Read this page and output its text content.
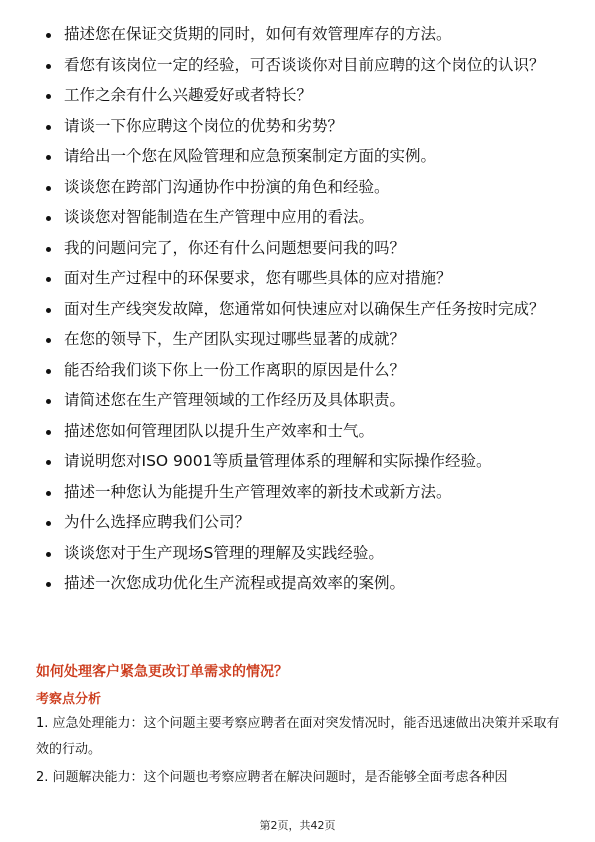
描述您在保证交货期的同时，如何有效管理库存的方法。
看您有该岗位一定的经验，可否谈谈你对目前应聘的这个岗位的认识？
工作之余有什么兴趣爱好或者特长？
请谈一下你应聘这个岗位的优势和劣势？
请给出一个您在风险管理和应急预案制定方面的实例。
谈谈您在跨部门沟通协作中扮演的角色和经验。
谈谈您对智能制造在生产管理中应用的看法。
我的问题问完了，你还有什么问题想要问我的吗？
面对生产过程中的环保要求，您有哪些具体的应对措施？
面对生产线突发故障，您通常如何快速应对以确保生产任务按时完成？
在您的领导下，生产团队实现过哪些显著的成就？
能否给我们谈下你上一份工作离职的原因是什么？
请简述您在生产管理领域的工作经历及具体职责。
描述您如何管理团队以提升生产效率和士气。
请说明您对ISO 9001等质量管理体系的理解和实际操作经验。
描述一种您认为能提升生产管理效率的新技术或新方法。
为什么选择应聘我们公司？
谈谈您对于生产现场S管理的理解及实践经验。
描述一次您成功优化生产流程或提高效率的案例。
如何处理客户紧急更改订单需求的情况？
考察点分析

1. 应急处理能力：这个问题主要考察应聘者在面对突发情况时，能否迅速做出决策并采取有效的行动。

2. 问题解决能力：这个问题也考察应聘者在解决问题时，是否能够全面考虑各种因

第2页，共42页
